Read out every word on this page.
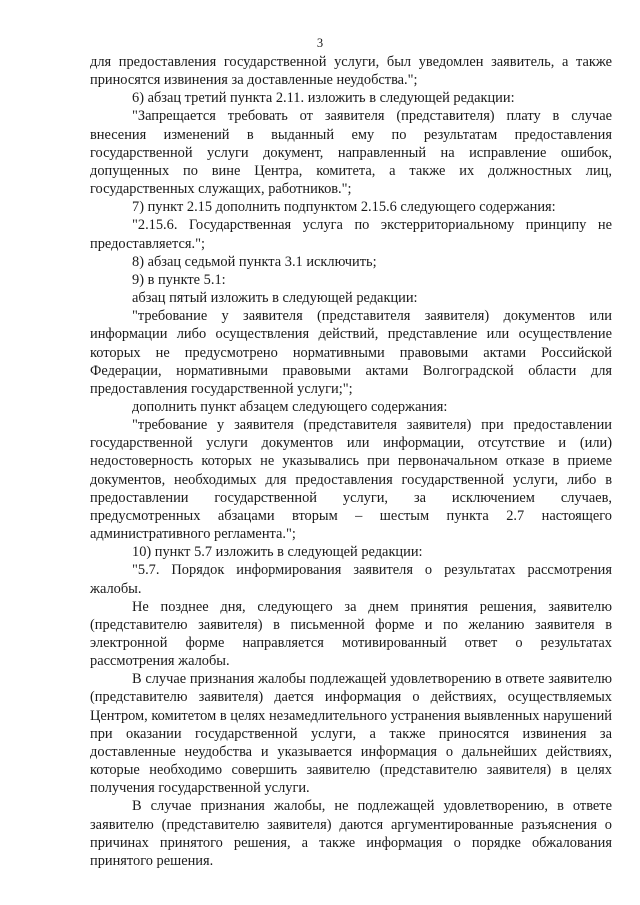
3

для предоставления государственной услуги, был уведомлен заявитель, а также приносятся извинения за доставленные неудобства.";

6) абзац третий пункта 2.11. изложить в следующей редакции:

"Запрещается требовать от заявителя (представителя) плату в случае внесения изменений в выданный ему по результатам предоставления государственной услуги документ, направленный на исправление ошибок, допущенных по вине Центра, комитета, а также их должностных лиц, государственных служащих, работников.";

7) пункт 2.15 дополнить подпунктом 2.15.6 следующего содержания:

"2.15.6. Государственная услуга по экстерриториальному принципу не предоставляется.";

8) абзац седьмой пункта 3.1 исключить;

9) в пункте 5.1:

абзац пятый изложить в следующей редакции:

"требование у заявителя (представителя заявителя) документов или информации либо осуществления действий, представление или осуществление которых не предусмотрено нормативными правовыми актами Российской Федерации, нормативными правовыми актами Волгоградской области для предоставления государственной услуги;";

дополнить пункт абзацем следующего содержания:

"требование у заявителя (представителя заявителя) при предоставлении государственной услуги документов или информации, отсутствие и (или) недостоверность которых не указывались при первоначальном отказе в приеме документов, необходимых для предоставления государственной услуги, либо в предоставлении государственной услуги, за исключением случаев, предусмотренных абзацами вторым – шестым пункта 2.7 настоящего административного регламента.";

10) пункт 5.7 изложить в следующей редакции:

"5.7. Порядок информирования заявителя о результатах рассмотрения жалобы.

Не позднее дня, следующего за днем принятия решения, заявителю (представителю заявителя) в письменной форме и по желанию заявителя в электронной форме направляется мотивированный ответ о результатах рассмотрения жалобы.

В случае признания жалобы подлежащей удовлетворению в ответе заявителю (представителю заявителя) дается информация о действиях, осуществляемых Центром, комитетом в целях незамедлительного устранения выявленных нарушений при оказании государственной услуги, а также приносятся извинения за доставленные неудобства и указывается информация о дальнейших действиях, которые необходимо совершить заявителю (представителю заявителя) в целях получения государственной услуги.

В случае признания жалобы, не подлежащей удовлетворению, в ответе заявителю (представителю заявителя) даются аргументированные разъяснения о причинах принятого решения, а также информация о порядке обжалования принятого решения.
